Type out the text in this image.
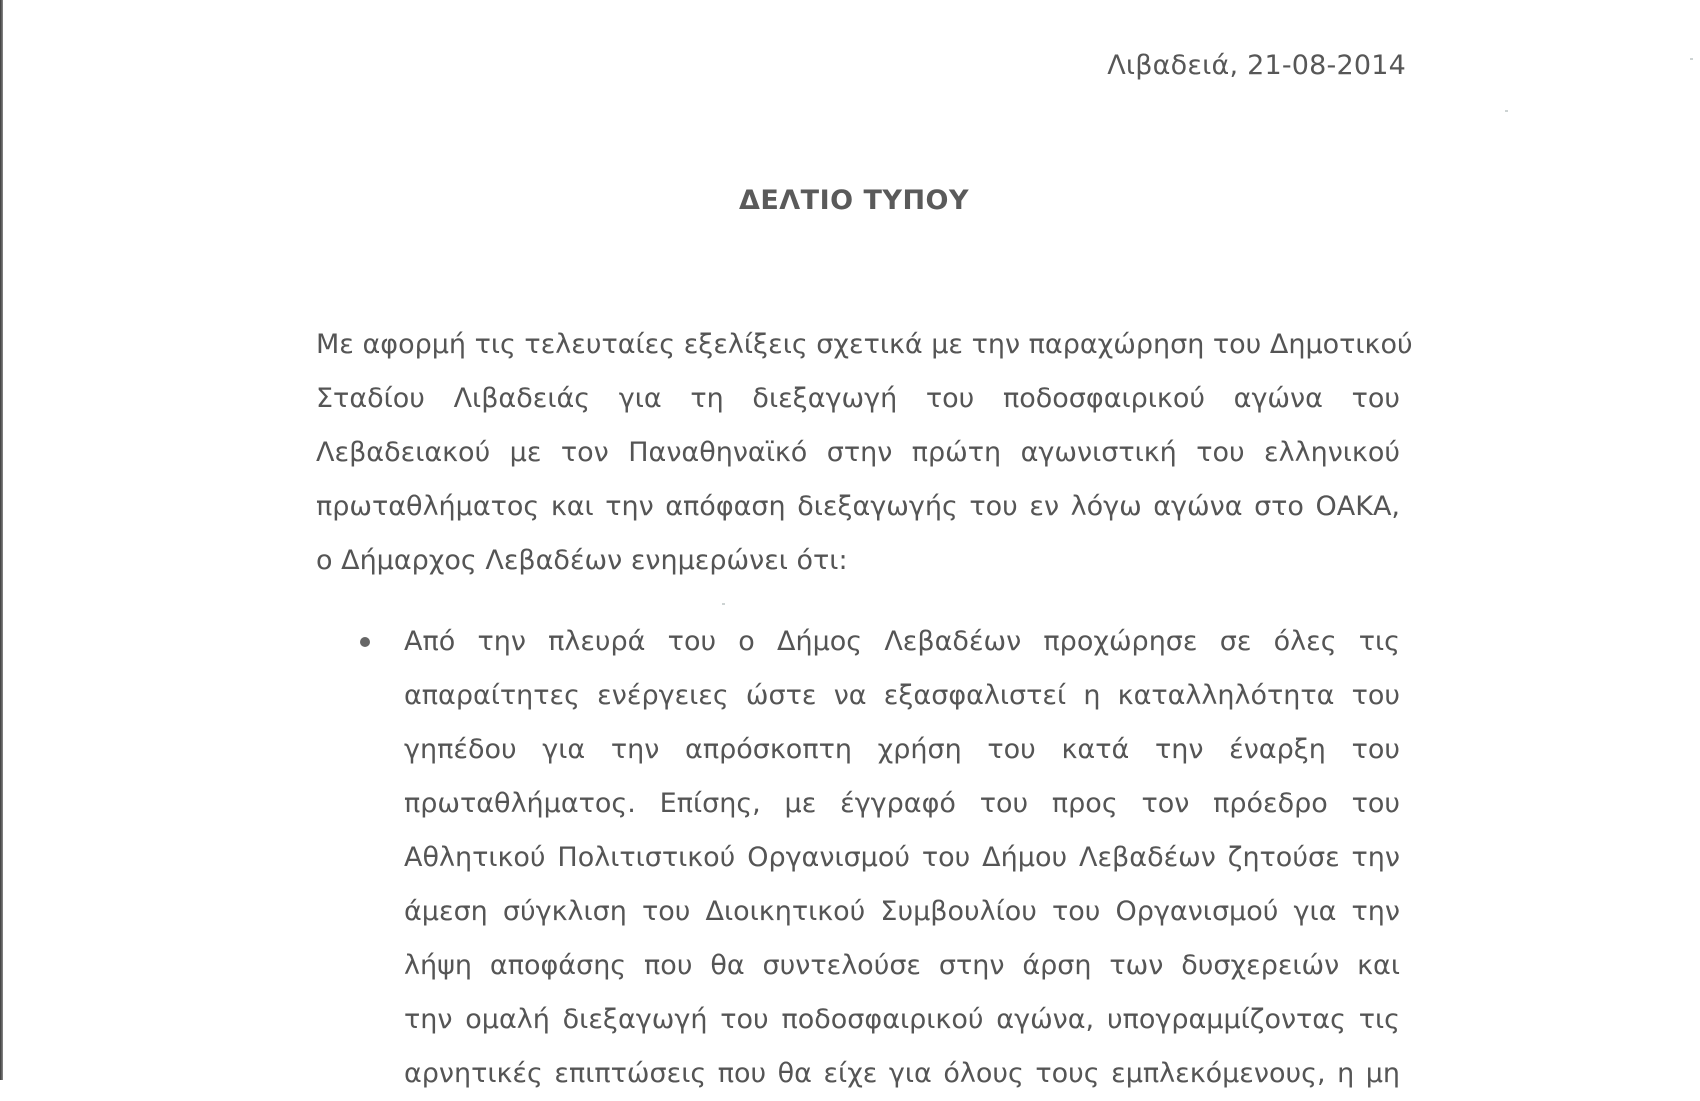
Λιβαδειά, 21-08-2014
ΔΕΛΤΙΟ ΤΥΠΟΥ
Με αφορμή τις τελευταίες εξελίξεις σχετικά με την παραχώρηση του Δημοτικού
Σταδίου Λιβαδειάς για τη διεξαγωγή του ποδοσφαιρικού αγώνα του
Λεβαδειακού με τον Παναθηναϊκό στην πρώτη αγωνιστική του ελληνικού
πρωταθλήματος και την απόφαση διεξαγωγής του εν λόγω αγώνα στο ΟΑΚΑ,
ο Δήμαρχος Λεβαδέων ενημερώνει ότι:
Από την πλευρά του ο Δήμος Λεβαδέων προχώρησε σε όλες τις
απαραίτητες ενέργειες ώστε να εξασφαλιστεί η καταλληλότητα του
γηπέδου για την απρόσκοπτη χρήση του κατά την έναρξη του
πρωταθλήματος. Επίσης, με έγγραφό του προς τον πρόεδρο του
Αθλητικού Πολιτιστικού Οργανισμού του Δήμου Λεβαδέων ζητούσε την
άμεση σύγκλιση του Διοικητικού Συμβουλίου του Οργανισμού για την
λήψη αποφάσης που θα συντελούσε στην άρση των δυσχερειών και
την ομαλή διεξαγωγή του ποδοσφαιρικού αγώνα, υπογραμμίζοντας τις
αρνητικές επιπτώσεις που θα είχε για όλους τους εμπλεκόμενους, η μη
